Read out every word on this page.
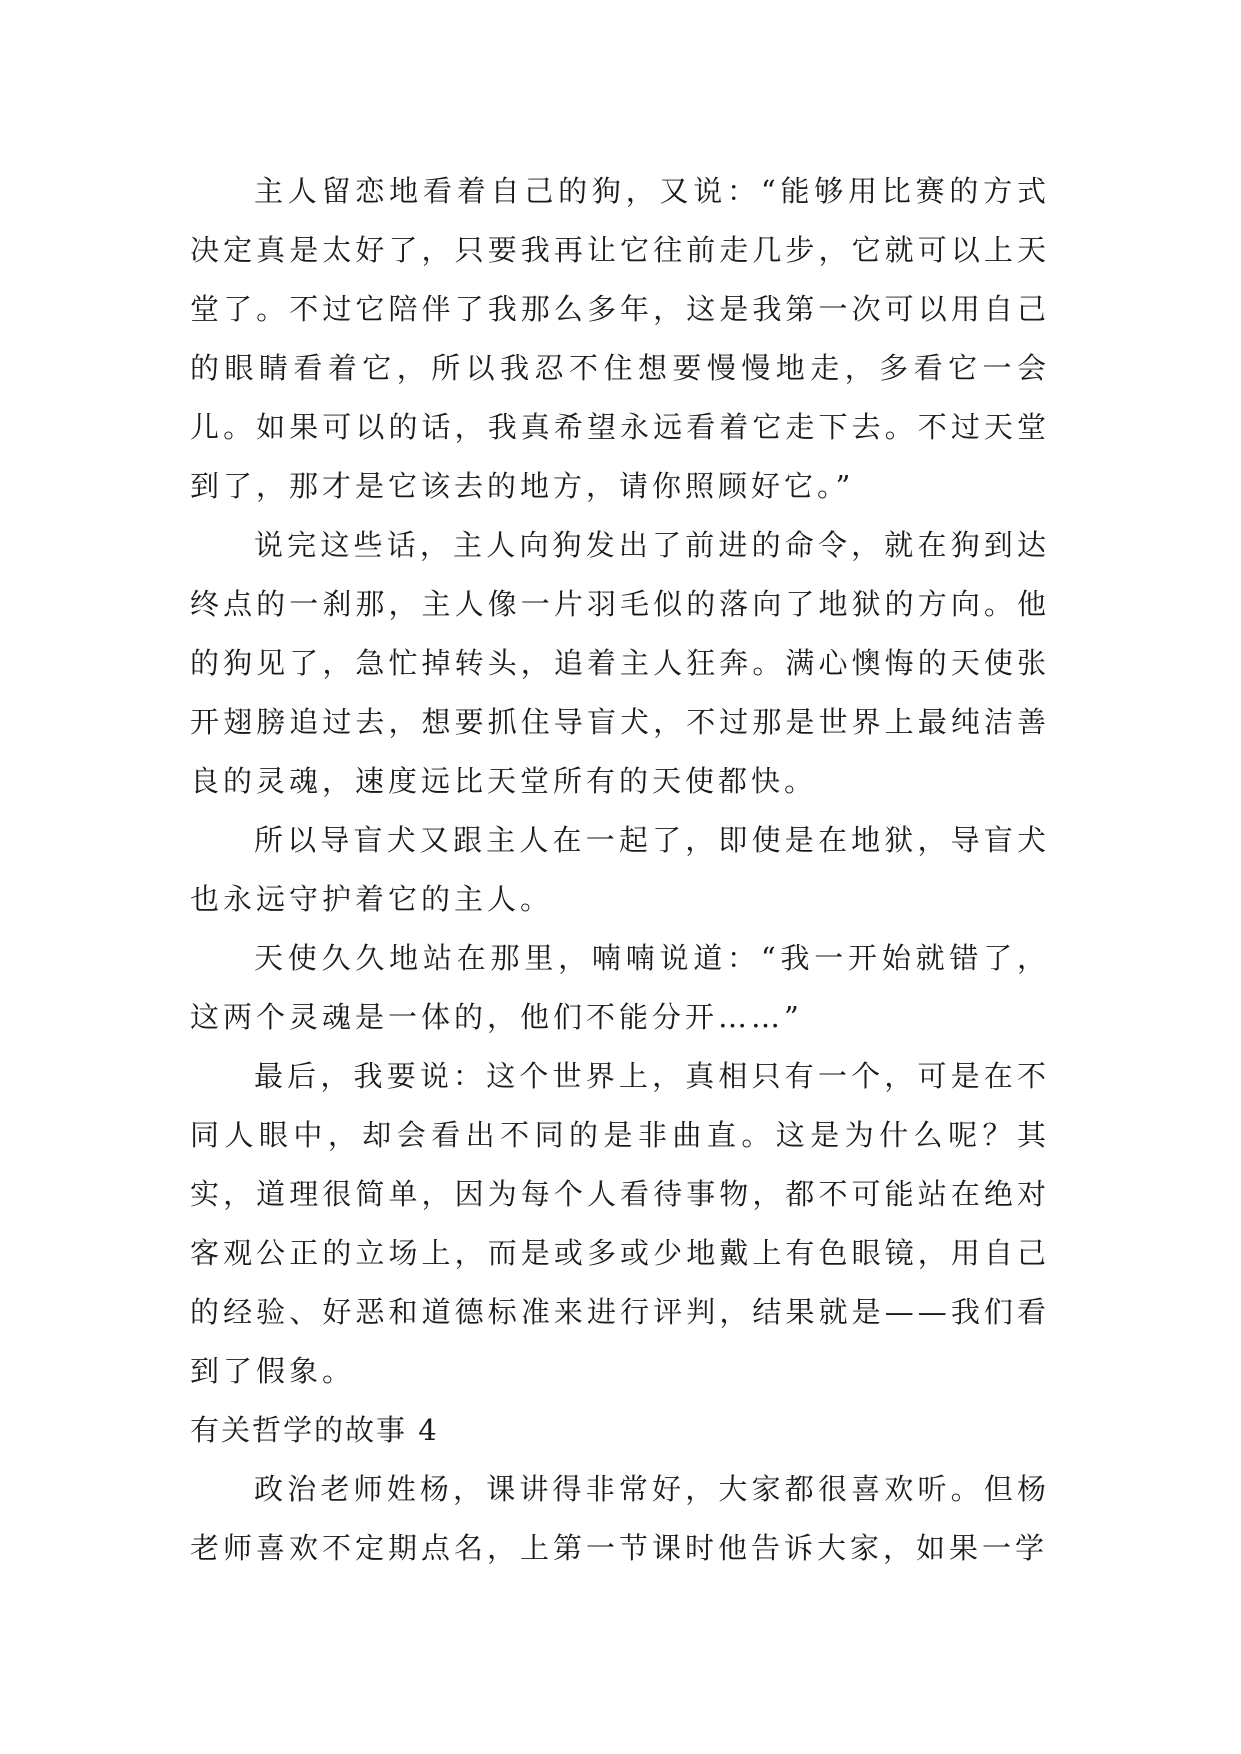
主人留恋地看着自己的狗，又说：“能够用比赛的方式决定真是太好了，只要我再让它往前走几步，它就可以上天堂了。不过它陪伴了我那么多年，这是我第一次可以用自己的眼睛看着它，所以我忍不住想要慢慢地走，多看它一会儿。如果可以的话，我真希望永远看着它走下去。不过天堂到了，那才是它该去的地方，请你照顾好它。”

说完这些话，主人向狗发出了前进的命令，就在狗到达终点的一刹那，主人像一片羽毛似的落向了地狱的方向。他的狗见了，急忙掉转头，追着主人狂奔。满心懊悔的天使张开翅膀追过去，想要抓住导盲犬，不过那是世界上最纯洁善良的灵魂，速度远比天堂所有的天使都快。

所以导盲犬又跟主人在一起了，即使是在地狱，导盲犬也永远守护着它的主人。

天使久久地站在那里，喃喃说道：“我一开始就错了，这两个灵魂是一体的，他们不能分开……”

最后，我要说：这个世界上，真相只有一个，可是在不同人眼中，却会看出不同的是非曲直。这是为什么呢？其实，道理很简单，因为每个人看待事物，都不可能站在绝对客观公正的立场上，而是或多或少地戴上有色眼镜，用自己的经验、好恶和道德标准来进行评判，结果就是——我们看到了假象。

有关哲学的故事 4

政治老师姓杨，课讲得非常好，大家都很喜欢听。但杨老师喜欢不定期点名，上第一节课时他告诉大家，如果一学
